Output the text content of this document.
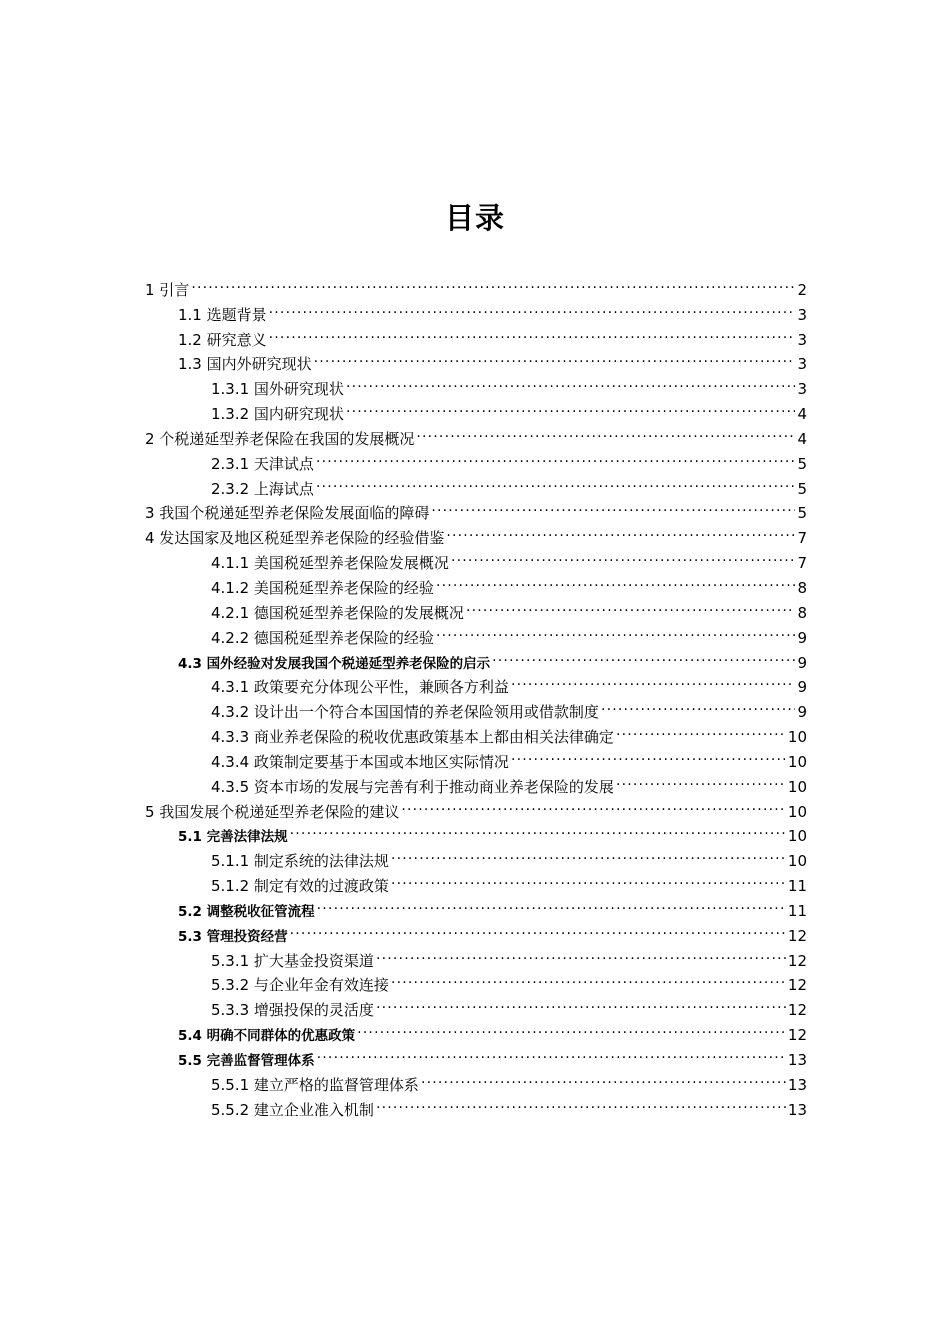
目录
1 引言 .....	2
1.1 选题背景 .....	3
1.2 研究意义 .....	3
1.3 国内外研究现状 .....	3
1.3.1 国外研究现状 .....	3
1.3.2 国内研究现状 .....	4
2 个税递延型养老保险在我国的发展概况 .....	4
2.3.1 天津试点 .....	5
2.3.2 上海试点 .....	5
3 我国个税递延型养老保险发展面临的障碍 .....	5
4 发达国家及地区税延型养老保险的经验借鉴 .....	7
4.1.1 美国税延型养老保险发展概况 .....	7
4.1.2 美国税延型养老保险的经验 .....	8
4.2.1 德国税延型养老保险的发展概况 .....	8
4.2.2 德国税延型养老保险的经验 .....	9
4.3 国外经验对发展我国个税递延型养老保险的启示 .....	9
4.3.1 政策要充分体现公平性，兼顾各方利益 .....	9
4.3.2 设计出一个符合本国国情的养老保险领用或借款制度 .....	9
4.3.3 商业养老保险的税收优惠政策基本上都由相关法律确定 .....	10
4.3.4 政策制定要基于本国或本地区实际情况 .....	10
4.3.5 资本市场的发展与完善有利于推动商业养老保险的发展 .....	10
5 我国发展个税递延型养老保险的建议 .....	10
5.1 完善法律法规 .....	10
5.1.1 制定系统的法律法规 .....	10
5.1.2 制定有效的过渡政策 .....	11
5.2 调整税收征管流程 .....	11
5.3 管理投资经营 .....	12
5.3.1 扩大基金投资渠道 .....	12
5.3.2 与企业年金有效连接 .....	12
5.3.3 增强投保的灵活度 .....	12
5.4 明确不同群体的优惠政策 .....	12
5.5 完善监督管理体系 .....	13
5.5.1 建立严格的监督管理体系 .....	13
5.5.2 建立企业准入机制 .....	13
